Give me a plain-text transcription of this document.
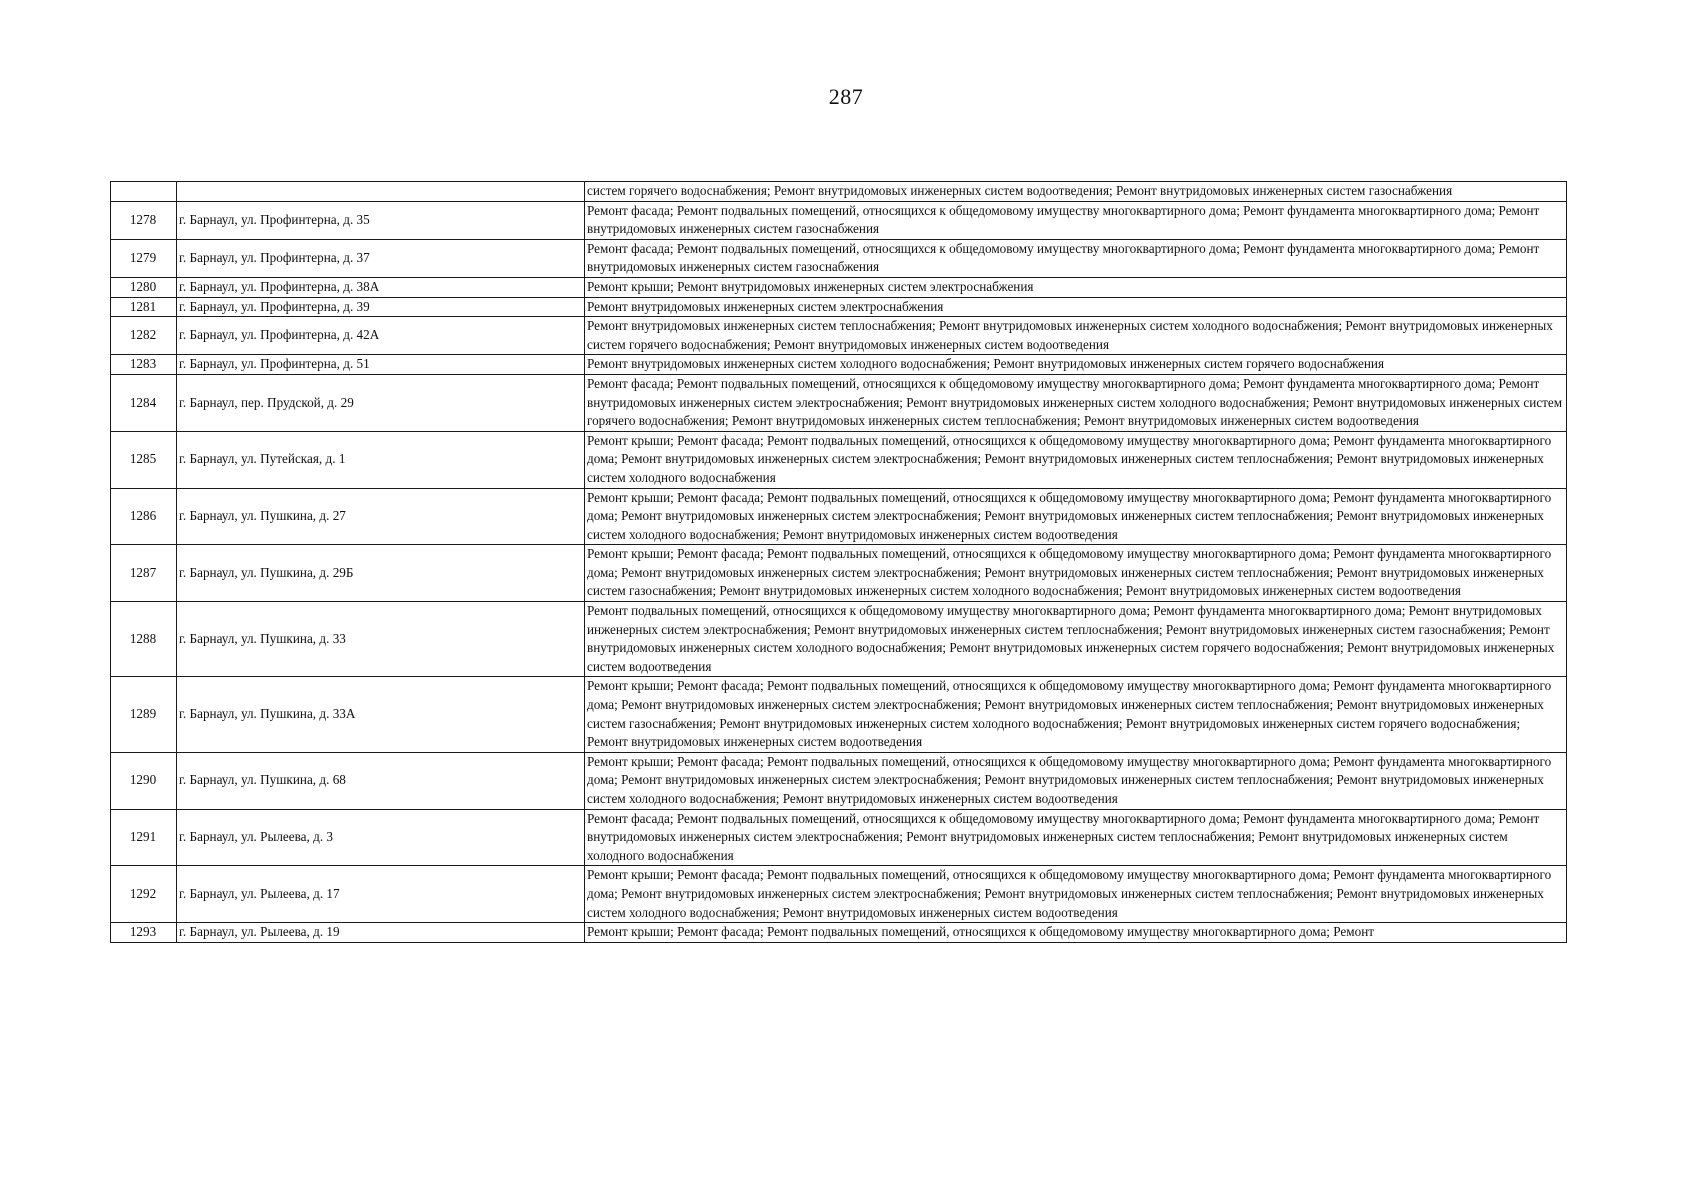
287
		систем горячего водоснабжения; Ремонт внутридомовых инженерных систем водоотведения; Ремонт внутридомовых инженерных систем газоснабжения
1278	г. Барнаул, ул. Профинтерна, д. 35	Ремонт фасада; Ремонт подвальных помещений, относящихся к общедомовому имуществу многоквартирного дома; Ремонт фундамента многоквартирного дома; Ремонт внутридомовых инженерных систем газоснабжения
1279	г. Барнаул, ул. Профинтерна, д. 37	Ремонт фасада; Ремонт подвальных помещений, относящихся к общедомовому имуществу многоквартирного дома; Ремонт фундамента многоквартирного дома; Ремонт внутридомовых инженерных систем газоснабжения
1280	г. Барнаул, ул. Профинтерна, д. 38А	Ремонт крыши; Ремонт внутридомовых инженерных систем электроснабжения
1281	г. Барнаул, ул. Профинтерна, д. 39	Ремонт внутридомовых инженерных систем электроснабжения
1282	г. Барнаул, ул. Профинтерна, д. 42А	Ремонт внутридомовых инженерных систем теплоснабжения; Ремонт внутридомовых инженерных систем холодного водоснабжения; Ремонт внутридомовых инженерных систем горячего водоснабжения; Ремонт внутридомовых инженерных систем водоотведения
1283	г. Барнаул, ул. Профинтерна, д. 51	Ремонт внутридомовых инженерных систем холодного водоснабжения; Ремонт внутридомовых инженерных систем горячего водоснабжения
1284	г. Барнаул, пер. Прудской, д. 29	Ремонт фасада; Ремонт подвальных помещений, относящихся к общедомовому имуществу многоквартирного дома; Ремонт фундамента многоквартирного дома; Ремонт внутридомовых инженерных систем электроснабжения; Ремонт внутридомовых инженерных систем холодного водоснабжения; Ремонт внутридомовых инженерных систем горячего водоснабжения; Ремонт внутридомовых инженерных систем теплоснабжения; Ремонт внутридомовых инженерных систем водоотведения
1285	г. Барнаул, ул. Путейская, д. 1	Ремонт крыши; Ремонт фасада; Ремонт подвальных помещений, относящихся к общедомовому имуществу многоквартирного дома; Ремонт фундамента многоквартирного дома; Ремонт внутридомовых инженерных систем электроснабжения; Ремонт внутридомовых инженерных систем теплоснабжения; Ремонт внутридомовых инженерных систем холодного водоснабжения
1286	г. Барнаул, ул. Пушкина, д. 27	Ремонт крыши; Ремонт фасада; Ремонт подвальных помещений, относящихся к общедомовому имуществу многоквартирного дома; Ремонт фундамента многоквартирного дома; Ремонт внутридомовых инженерных систем электроснабжения; Ремонт внутридомовых инженерных систем теплоснабжения; Ремонт внутридомовых инженерных систем холодного водоснабжения; Ремонт внутридомовых инженерных систем водоотведения
1287	г. Барнаул, ул. Пушкина, д. 29Б	Ремонт крыши; Ремонт фасада; Ремонт подвальных помещений, относящихся к общедомовому имуществу многоквартирного дома; Ремонт фундамента многоквартирного дома; Ремонт внутридомовых инженерных систем электроснабжения; Ремонт внутридомовых инженерных систем теплоснабжения; Ремонт внутридомовых инженерных систем газоснабжения; Ремонт внутридомовых инженерных систем холодного водоснабжения; Ремонт внутридомовых инженерных систем водоотведения
1288	г. Барнаул, ул. Пушкина, д. 33	Ремонт подвальных помещений, относящихся к общедомовому имуществу многоквартирного дома; Ремонт фундамента многоквартирного дома; Ремонт внутридомовых инженерных систем электроснабжения; Ремонт внутридомовых инженерных систем теплоснабжения; Ремонт внутридомовых инженерных систем газоснабжения; Ремонт внутридомовых инженерных систем холодного водоснабжения; Ремонт внутридомовых инженерных систем горячего водоснабжения; Ремонт внутридомовых инженерных систем водоотведения
1289	г. Барнаул, ул. Пушкина, д. 33А	Ремонт крыши; Ремонт фасада; Ремонт подвальных помещений, относящихся к общедомовому имуществу многоквартирного дома; Ремонт фундамента многоквартирного дома; Ремонт внутридомовых инженерных систем электроснабжения; Ремонт внутридомовых инженерных систем теплоснабжения; Ремонт внутридомовых инженерных систем газоснабжения; Ремонт внутридомовых инженерных систем холодного водоснабжения; Ремонт внутридомовых инженерных систем горячего водоснабжения; Ремонт внутридомовых инженерных систем водоотведения
1290	г. Барнаул, ул. Пушкина, д. 68	Ремонт крыши; Ремонт фасада; Ремонт подвальных помещений, относящихся к общедомовому имуществу многоквартирного дома; Ремонт фундамента многоквартирного дома; Ремонт внутридомовых инженерных систем электроснабжения; Ремонт внутридомовых инженерных систем теплоснабжения; Ремонт внутридомовых инженерных систем холодного водоснабжения; Ремонт внутридомовых инженерных систем водоотведения
1291	г. Барнаул, ул. Рылеева, д. 3	Ремонт фасада; Ремонт подвальных помещений, относящихся к общедомовому имуществу многоквартирного дома; Ремонт фундамента многоквартирного дома; Ремонт внутридомовых инженерных систем электроснабжения; Ремонт внутридомовых инженерных систем теплоснабжения; Ремонт внутридомовых инженерных систем холодного водоснабжения
1292	г. Барнаул, ул. Рылеева, д. 17	Ремонт крыши; Ремонт фасада; Ремонт подвальных помещений, относящихся к общедомовому имуществу многоквартирного дома; Ремонт фундамента многоквартирного дома; Ремонт внутридомовых инженерных систем электроснабжения; Ремонт внутридомовых инженерных систем теплоснабжения; Ремонт внутридомовых инженерных систем холодного водоснабжения; Ремонт внутридомовых инженерных систем водоотведения
1293	г. Барнаул, ул. Рылеева, д. 19	Ремонт крыши; Ремонт фасада; Ремонт подвальных помещений, относящихся к общедомовому имуществу многоквартирного дома; Ремонт
